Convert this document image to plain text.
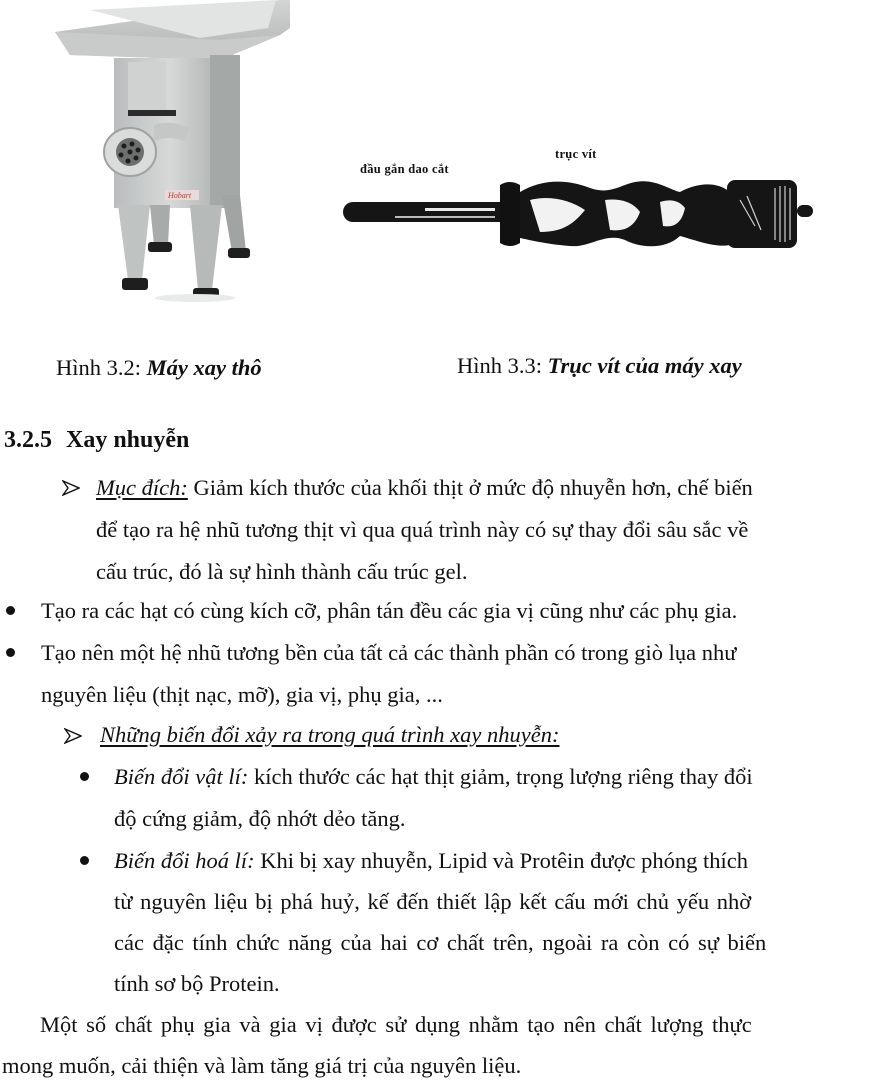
Hobart
trục vít
đầu gắn dao cắt
Hình 3.2: Máy xay thô	Hình 3.3: Trục vít của máy xay
3.2.5 Xay nhuyễn
Mục đích: Giảm kích thước của khối thịt ở mức độ nhuyễn hơn, chế biến
để tạo ra hệ nhũ tương thịt vì qua quá trình này có sự thay đổi sâu sắc về
cấu trúc, đó là sự hình thành cấu trúc gel.
Tạo ra các hạt có cùng kích cỡ, phân tán đều các gia vị cũng như các phụ gia.
Tạo nên một hệ nhũ tương bền của tất cả các thành phần có trong giò lụa như
nguyên liệu (thịt nạc, mỡ), gia vị, phụ gia, ...
Những biến đổi xảy ra trong quá trình xay nhuyễn:
Biến đổi vật lí: kích thước các hạt thịt giảm, trọng lượng riêng thay đổi
độ cứng giảm, độ nhớt dẻo tăng.
Biến đổi hoá lí: Khi bị xay nhuyễn, Lipid và Protêin được phóng thích
từ nguyên liệu bị phá huỷ, kế đến thiết lập kết cấu mới chủ yếu nhờ
các đặc tính chức năng của hai cơ chất trên, ngoài ra còn có sự biến
tính sơ bộ Protein.
Một số chất phụ gia và gia vị được sử dụng nhằm tạo nên chất lượng thực
mong muốn, cải thiện và làm tăng giá trị của nguyên liệu.
